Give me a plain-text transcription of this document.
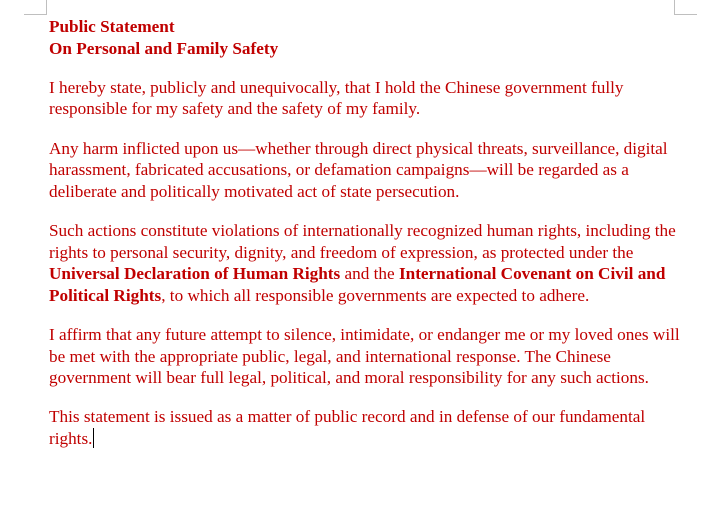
Public Statement
On Personal and Family Safety

I hereby state, publicly and unequivocally, that I hold the Chinese government fully responsible for my safety and the safety of my family.

Any harm inflicted upon us—whether through direct physical threats, surveillance, digital harassment, fabricated accusations, or defamation campaigns—will be regarded as a deliberate and politically motivated act of state persecution.

Such actions constitute violations of internationally recognized human rights, including the rights to personal security, dignity, and freedom of expression, as protected under the Universal Declaration of Human Rights and the International Covenant on Civil and Political Rights, to which all responsible governments are expected to adhere.

I affirm that any future attempt to silence, intimidate, or endanger me or my loved ones will be met with the appropriate public, legal, and international response. The Chinese government will bear full legal, political, and moral responsibility for any such actions.

This statement is issued as a matter of public record and in defense of our fundamental rights.
